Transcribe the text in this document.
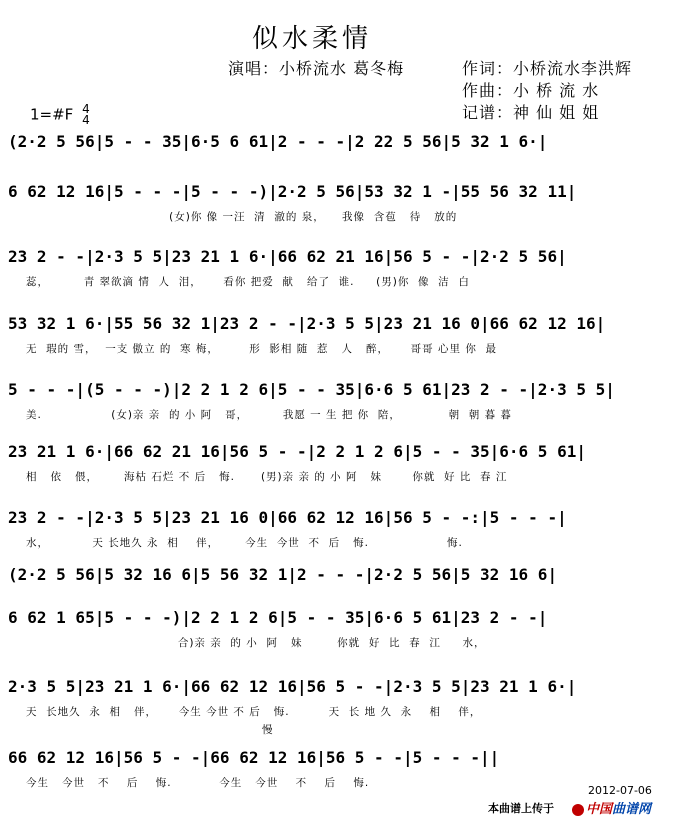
似水柔情
演唱：小桥流水 葛冬梅	作词：小桥流水李洪辉
作曲：小 桥 流 水
记谱：神 仙 姐 姐
1=#F 4
4
(2·2 5 56|5 - - 35|6·5 6 61|2 - - -|2 22 5 56|5 32 1 6·|
6 62 12 16|5 - - -|5 - - -)|2·2 5 56|53 32 1 -|55 56 32 11|
(女)你 像 一汪  清  澈的 泉，    我像  含苞   待   放的
23 2 - -|2·3 5 5|23 21 1 6·|66 62 21 16|56 5 - -|2·2 5 56|
蕊，        青 翠欲滴 情  人  泪，     看你 把爱  献   给了  谁.     (男)你  像  洁  白
53 32 1 6·|55 56 32 1|23 2 - -|2·3 5 5|23 21 16 0|66 62 12 16|
无  瑕的 雪，  一支 傲立 的  寒 梅，       形  影相 随  惹   人   醉，     哥哥 心里 你  最
5 - - -|(5 - - -)|2 2 1 2 6|5 - - 35|6·6 5 61|23 2 - -|2·3 5 5|
美.                (女)亲 亲  的 小 阿   哥，        我愿 一 生 把 你  陪，           朝  朝 暮 暮
23 21 1 6·|66 62 21 16|56 5 - -|2 2 1 2 6|5 - - 35|6·6 5 61|
相   依   偎，      海枯 石烂 不 后   悔.      (男)亲 亲 的 小 阿   妹       你就  好 比  春 江
23 2 - -|2·3 5 5|23 21 16 0|66 62 12 16|56 5 - -:|5 - - -|
水，          天 长地久 永  相    伴，      今生  今世  不  后   悔.                  悔.
(2·2 5 56|5 32 16 6|5 56 32 1|2 - - -|2·2 5 56|5 32 16 6|
6 62 1 65|5 - - -)|2 2 1 2 6|5 - - 35|6·6 5 61|23 2 - -|
合)亲 亲  的 小  阿   妹        你就  好  比  春  江     水，
2·3 5 5|23 21 1 6·|66 62 12 16|56 5 - -|2·3 5 5|23 21 1 6·|
天  长地久  永  相   伴，     今生 今世 不 后   悔.         天  长 地 久  永    相    伴，
66 62 12 16|56 5 - -|66 62 12 16|56 5 - -|5 - - -||
今生   今世   不    后    悔.           今生   今世    不    后    悔.
慢
2012-07-06
本曲谱上传于	中国曲谱网
